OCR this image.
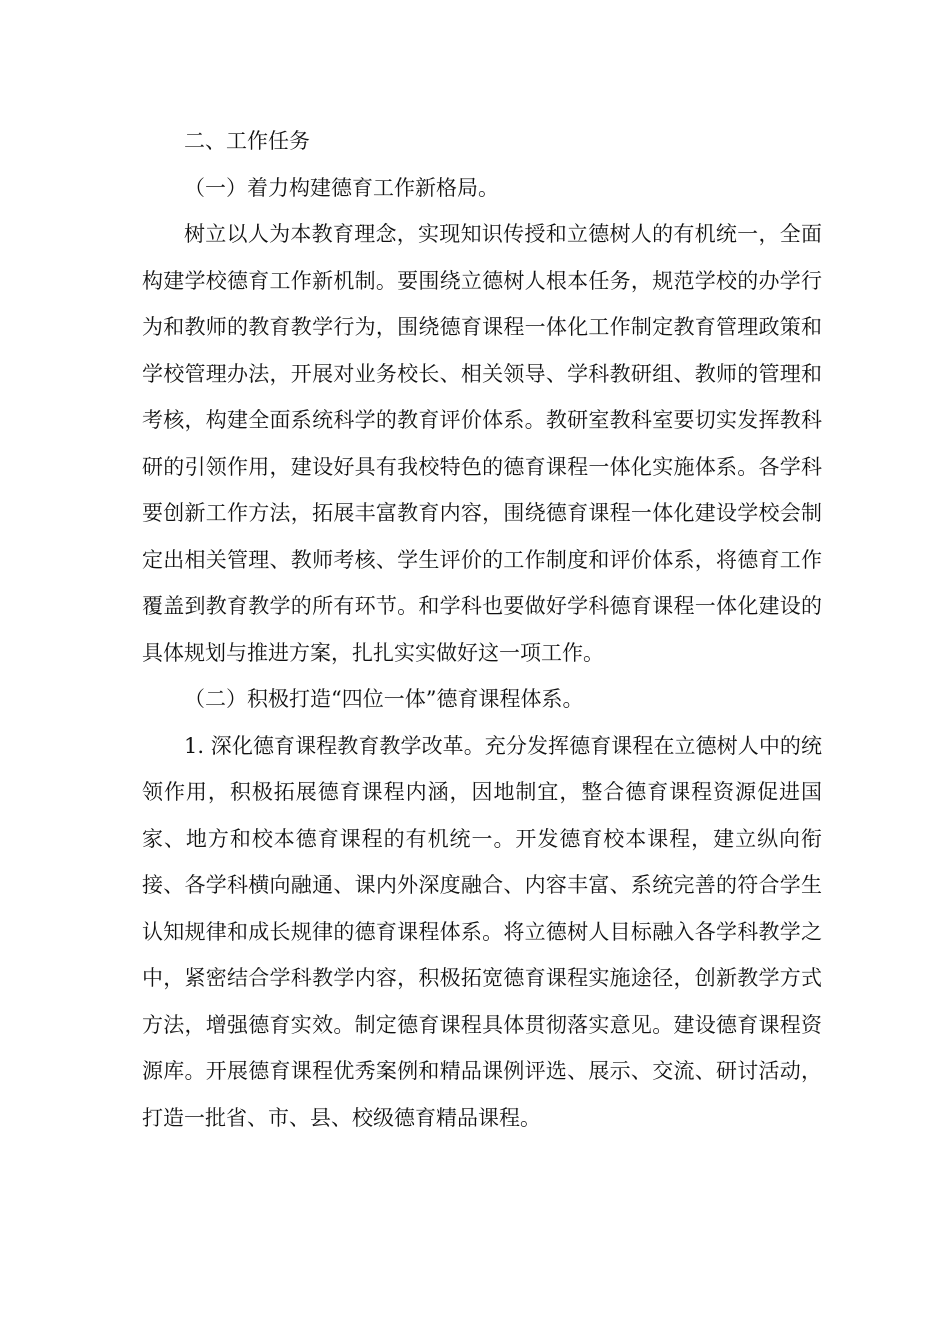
二、工作任务

（一）着力构建德育工作新格局。

树立以人为本教育理念，实现知识传授和立德树人的有机统一，全面构建学校德育工作新机制。要围绕立德树人根本任务，规范学校的办学行为和教师的教育教学行为，围绕德育课程一体化工作制定教育管理政策和学校管理办法，开展对业务校长、相关领导、学科教研组、教师的管理和考核，构建全面系统科学的教育评价体系。教研室教科室要切实发挥教科研的引领作用，建设好具有我校特色的德育课程一体化实施体系。各学科要创新工作方法，拓展丰富教育内容，围绕德育课程一体化建设学校会制定出相关管理、教师考核、学生评价的工作制度和评价体系，将德育工作覆盖到教育教学的所有环节。和学科也要做好学科德育课程一体化建设的具体规划与推进方案，扎扎实实做好这一项工作。

（二）积极打造“四位一体”德育课程体系。

1. 深化德育课程教育教学改革。充分发挥德育课程在立德树人中的统领作用，积极拓展德育课程内涵，因地制宜，整合德育课程资源促进国家、地方和校本德育课程的有机统一。开发德育校本课程，建立纵向衔接、各学科横向融通、课内外深度融合、内容丰富、系统完善的符合学生认知规律和成长规律的德育课程体系。将立德树人目标融入各学科教学之中，紧密结合学科教学内容，积极拓宽德育课程实施途径，创新教学方式方法，增强德育实效。制定德育课程具体贯彻落实意见。建设德育课程资源库。开展德育课程优秀案例和精品课例评选、展示、交流、研讨活动，打造一批省、市、县、校级德育精品课程。
